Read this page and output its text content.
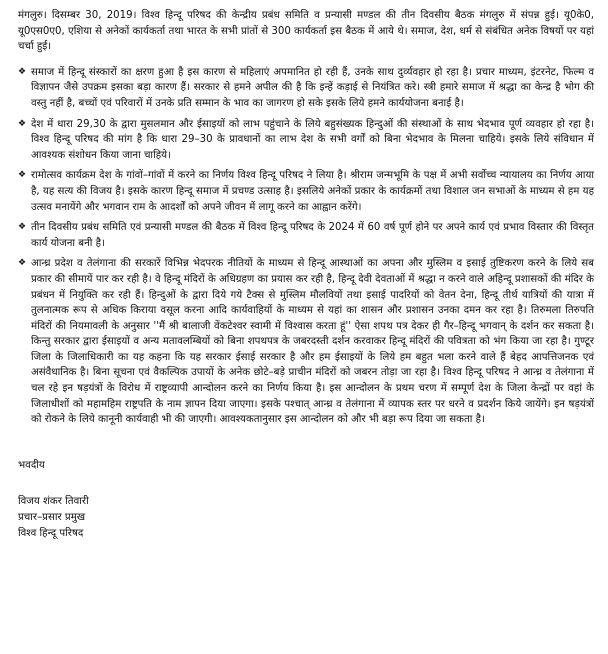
मंगलुरु। दिसम्बर 30, 2019। विश्व हिन्दू परिषद की केन्द्रीय प्रबंध समिति व प्रन्यासी मण्डल की तीन दिवसीय बैठक मंगलुरु में संपन्न हुई। यू0के0, यू0एस0ए0, एशिया से अनेकों कार्यकर्ता तथा भारत के सभी प्रांतों से 300 कार्यकर्ता इस बैठक में आये थे। समाज, देश, धर्म से संबंधित अनेक विषयों पर यहां चर्चा हुई।

❖ समाज में हिन्दू संस्कारों का क्षरण हुआ है इस कारण से महिलाएं अपमानित हो रही हैं, उनके साथ दुर्व्यवहार हो रहा है। प्रचार माध्यम, इंटरनेट, फिल्म व विज्ञापन जैसे उपक्रम इसका बड़ा कारण हैं। सरकार से हमने अपील की है कि इन्हें कड़ाई से नियंत्रित करे। स्त्री हमारे समाज में श्रद्धा का केन्द्र है भोग की वस्तु नहीं है, बच्चों एवं परिवारों में उनके प्रति सम्मान के भाव का जागरण हो सके इसके लिये हमने कार्ययोजना बनाई है।
❖ देश में धारा 29,30 के द्वारा मुसलमान और ईसाइयों को लाभ पहुंचाने के लिये बहुसंख्यक हिन्दुओं की संस्थाओं के साथ भेदभाव पूर्ण व्यवहार हो रहा है। विश्व हिन्दू परिषद की मांग है कि धारा 29–30 के प्रावधानों का लाभ देश के सभी वर्गों को बिना भेदभाव के मिलना चाहिये। इसके लिये संविधान में आवश्यक संशोधन किया जाना चाहिये।
❖ रामोत्सव कार्यक्रम देश के गांवों–गांवों में करने का निर्णय विश्व हिन्दू परिषद ने लिया है। श्रीराम जन्मभूमि के पक्ष में अभी सर्वोच्च न्यायालय का निर्णय आया है, यह सत्य की विजय है। इसके कारण हिन्दू समाज में प्रचण्ड उत्साह है। इसलिये अनेकों प्रकार के कार्यक्रमों तथा विशाल जन सभाओं के माध्यम से हम यह उत्सव मनायेंगे और भगवान राम के आदर्शों को अपने जीवन में लागू करने का आह्वान करेंगे।
❖ तीन दिवसीय प्रबंध समिति एवं प्रन्यासी मण्डल की बैठक में विश्व हिन्दू परिषद के 2024 में 60 वर्ष पूर्ण होने पर अपने कार्य एवं प्रभाव विस्तार की विस्तृत कार्य योजना बनी है।
❖ आन्ध्र प्रदेश व तेलंगाना की सरकारें विभिन्न भेदपरक नीतियों के माध्यम से हिन्दू आस्थाओं का अपना और मुस्लिम व इसाई तुष्टिकरण करने के लिये सब प्रकार की सीमायें पार कर रही है। वे हिन्दू मंदिरों के अधिग्रहण का प्रयास कर रही है, हिन्दू देवी देवताओं में श्रद्धा न करने वाले अहिन्दू प्रशासकों की मंदिर के प्रबंधन में नियुक्ति कर रही हैं। हिन्दुओं के द्वारा दिये गये टैक्स से मुस्लिम मौलवियों तथा इसाई पादरियों को वेतन देना, हिन्दू तीर्थ यात्रियों की यात्रा में तुलनात्मक रूप से अधिक किराया वसूल करना आदि कार्यवाहियों के माध्यम से यहां का शासन और प्रशासन उनका दमन कर रहा है। तिरुमला तिरुपति मंदिरों की नियमावली के अनुसार ''मैं श्री बालाजी वेंकटेश्वर स्वामी में विश्वास करता हूं'' ऐसा शपथ पत्र देकर ही गैर–हिन्दू भगवान् के दर्शन कर सकता है। किन्तु सरकार द्वारा ईसाइयों व अन्य मतावलम्बियों को बिना शपथपत्र के जबरदस्ती दर्शन करवाकर हिन्दू मंदिरों की पवित्रता को भंग किया जा रहा है। गुण्टूर जिला के जिलाधिकारी का यह कहना कि यह सरकार ईसाई सरकार है और हम ईसाइयों के लिये हम बहुत भला करने वाले हैं बेहद आपत्तिजनक एवं असंवैधानिक है। बिना सूचना एवं वैकल्पिक उपायों के अनेक छोटे–बड़े प्राचीन मंदिरों को जबरन तोड़ा जा रहा है। विश्व हिन्दू परिषद ने आन्ध्र व तेलंगाना में चल रहे इन षड़यंत्रों के विरोध में राष्ट्रव्यापी आन्दोलन करने का निर्णय किया है। इस आन्दोलन के प्रथम चरण में सम्पूर्ण देश के जिला केन्द्रों पर वहां के जिलाधीशों को महामहिम राष्ट्रपति के नाम ज्ञापन दिया जाएगा। इसके पश्चात् आन्ध्र व तेलंगाना में व्यापक स्तर पर धरने व प्रदर्शन किये जायेंगे। इन षड़यंत्रों को रोकने के लिये कानूनी कार्यवाही भी की जाएगी। आवश्यकतानुसार इस आन्दोलन को और भी बड़ा रूप दिया जा सकता है।
भवदीय
विजय शंकर तिवारी
प्रचार–प्रसार प्रमुख
विश्व हिन्दू परिषद
